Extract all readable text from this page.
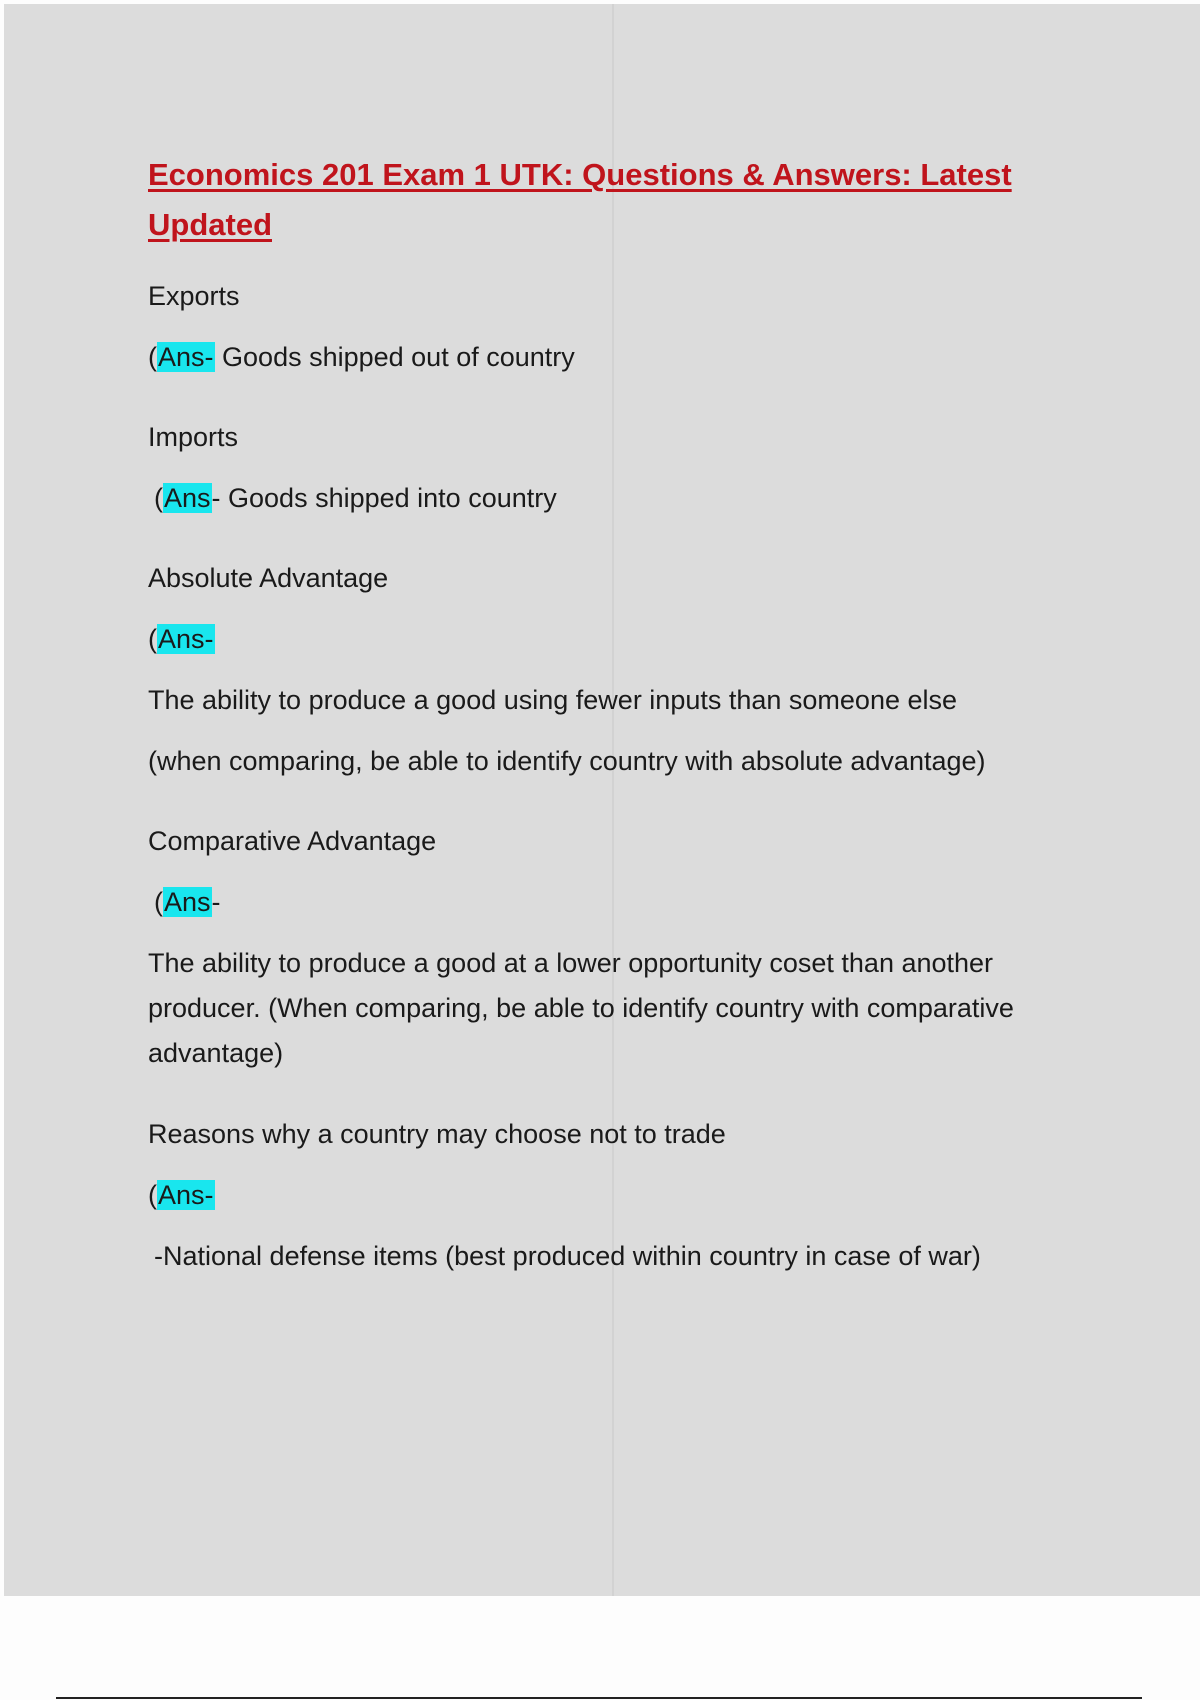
Economics 201 Exam 1 UTK: Questions & Answers: Latest Updated
Exports
(Ans- Goods shipped out of country
Imports
(Ans- Goods shipped into country
Absolute Advantage
(Ans-
The ability to produce a good using fewer inputs than someone else
(when comparing, be able to identify country with absolute advantage)
Comparative Advantage
(Ans-
The ability to produce a good at a lower opportunity coset than another producer. (When comparing, be able to identify country with comparative advantage)
Reasons why a country may choose not to trade
(Ans-
-National defense items (best produced within country in case of war)
